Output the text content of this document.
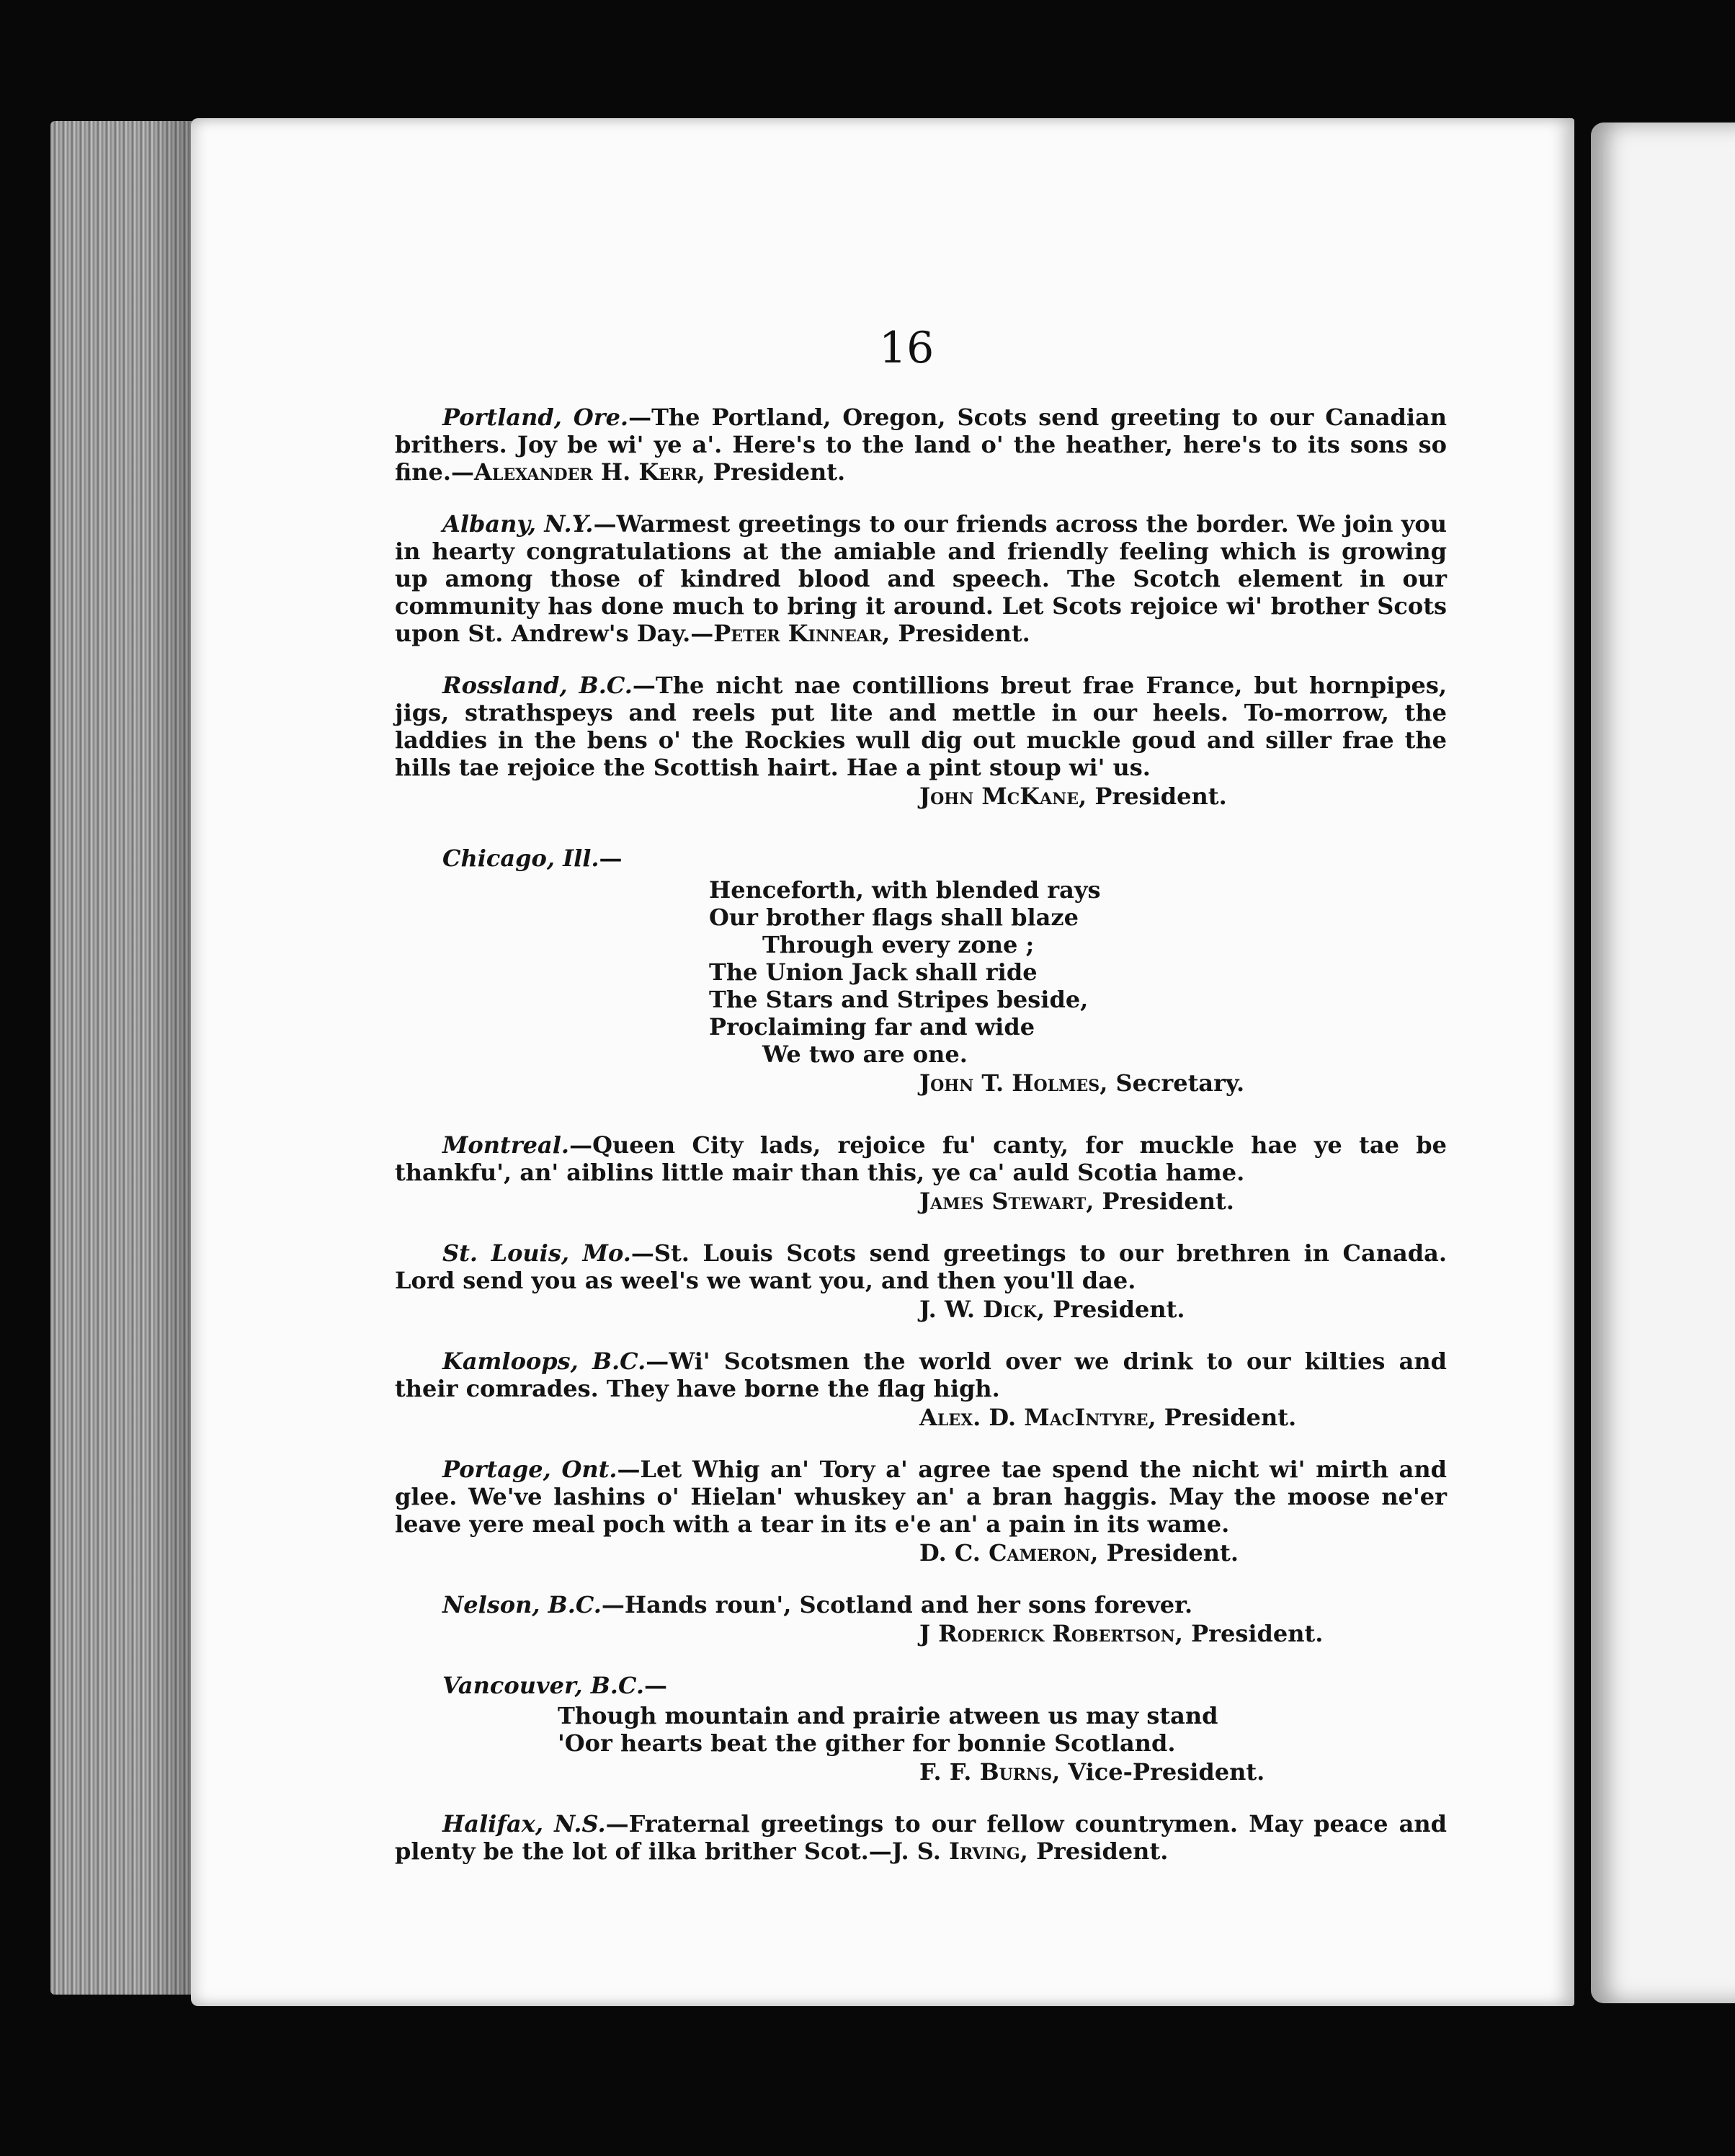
16

Portland, Ore.—The Portland, Oregon, Scots send greeting to our Canadian brithers. Joy be wi' ye a'. Here's to the land o' the heather, here's to its sons so fine.—Alexander H. Kerr, President.

Albany, N.Y.—Warmest greetings to our friends across the border. We join you in hearty congratulations at the amiable and friendly feeling which is growing up among those of kindred blood and speech. The Scotch element in our community has done much to bring it around. Let Scots rejoice wi' brother Scots upon St. Andrew's Day.—Peter Kinnear, President.

Rossland, B.C.—The nicht nae contillions breut frae France, but hornpipes, jigs, strathspeys and reels put lite and mettle in our heels. To-morrow, the laddies in the bens o' the Rockies wull dig out muckle goud and siller frae the hills tae rejoice the Scottish hairt. Hae a pint stoup wi' us.

John McKane, President.

Chicago, Ill.—

Henceforth, with blended rays
Our brother flags shall blaze
Through every zone ;
The Union Jack shall ride
The Stars and Stripes beside,
Proclaiming far and wide
We two are one.

John T. Holmes, Secretary.

Montreal.—Queen City lads, rejoice fu' canty, for muckle hae ye tae be thankfu', an' aiblins little mair than this, ye ca' auld Scotia hame.

James Stewart, President.

St. Louis, Mo.—St. Louis Scots send greetings to our brethren in Canada. Lord send you as weel's we want you, and then you'll dae.

J. W. Dick, President.

Kamloops, B.C.—Wi' Scotsmen the world over we drink to our kilties and their comrades. They have borne the flag high.

Alex. D. MacIntyre, President.

Portage, Ont.—Let Whig an' Tory a' agree tae spend the nicht wi' mirth and glee. We've lashins o' Hielan' whuskey an' a bran haggis. May the moose ne'er leave yere meal poch with a tear in its e'e an' a pain in its wame.

D. C. Cameron, President.

Nelson, B.C.—Hands roun', Scotland and her sons forever.

J Roderick Robertson, President.

Vancouver, B.C.—

Though mountain and prairie atween us may stand
'Oor hearts beat the gither for bonnie Scotland.

F. F. Burns, Vice-President.

Halifax, N.S.—Fraternal greetings to our fellow countrymen. May peace and plenty be the lot of ilka brither Scot.—J. S. Irving, President.
